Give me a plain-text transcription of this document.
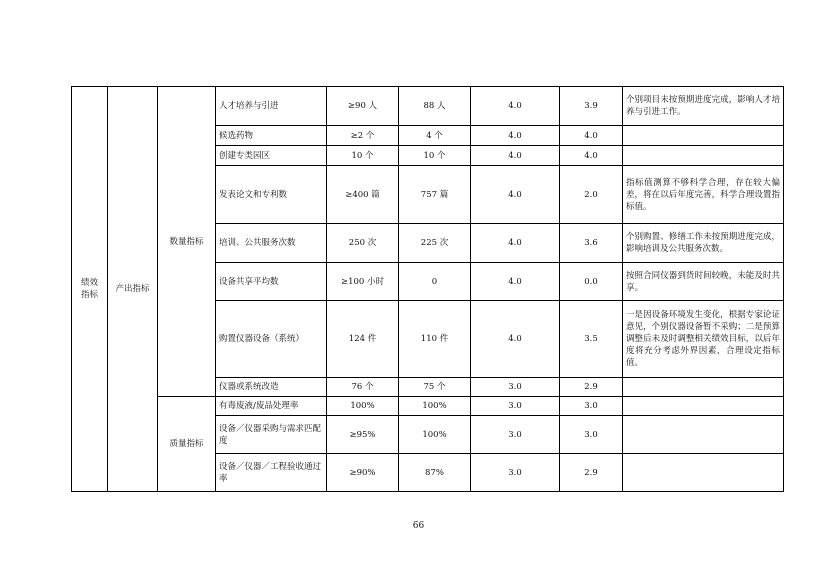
绩效指标	产出指标	数量指标	人才培养与引进	≥90 人	88 人	4.0	3.9	个别项目未按预期进度完成，影响人才培养与引进工作。
			候选药物	≥2 个	4 个	4.0	4.0	
			创建专类园区	10 个	10 个	4.0	4.0	
			发表论文和专利数	≥400 篇	757 篇	4.0	2.0	指标值测算不够科学合理，存在较大偏差，将在以后年度完善，科学合理设置指标值。
			培训、公共服务次数	250 次	225 次	4.0	3.6	个别购置、修缮工作未按预期进度完成，影响培训及公共服务次数。
			设备共享平均数	≥100 小时	0	4.0	0.0	按照合同仪器到货时间较晚，未能及时共享。
			购置仪器设备（系统）	124 件	110 件	4.0	3.5	一是因设备环境发生变化，根据专家论证意见，个别仪器设备暂不采购；二是预算调整后未及时调整相关绩效目标，以后年度将充分考虑外界因素，合理设定指标值。
			仪器或系统改造	76 个	75 个	3.0	2.9	
		质量指标	有毒废液/废品处理率	100%	100%	3.0	3.0	
			设备／仪器采购与需求匹配度	≥95%	100%	3.0	3.0	
			设备／仪器／工程验收通过率	≥90%	87%	3.0	2.9	
66
